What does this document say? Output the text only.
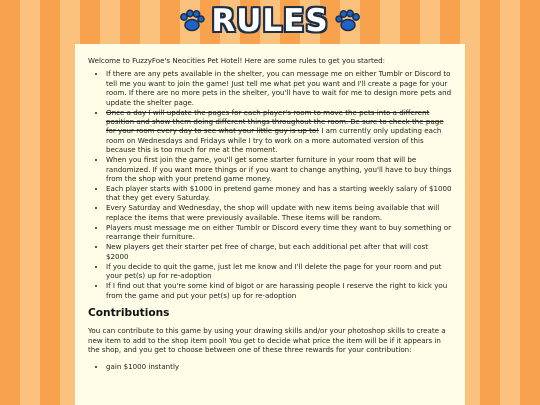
RULES

Welcome to FuzzyFoe's Neocities Pet Hotel! Here are some rules to get you started:

• If there are any pets available in the shelter, you can message me on either Tumblr or Discord to tell me you want to join the game! Just tell me what pet you want and I'll create a page for your room. If there are no more pets in the shelter, you'll have to wait for me to design more pets and update the shelter page.
• Once a day I will update the pages for each player's room to move the pets into a different position and show them doing different things throughout the room. Be sure to check the page for your room every day to see what your little guy is up to! I am currently only updating each room on Wednesdays and Fridays while I try to work on a more automated version of this because this is too much for me at the moment.
• When you first join the game, you'll get some starter furniture in your room that will be randomized. If you want more things or if you want to change anything, you'll have to buy things from the shop with your pretend game money.
• Each player starts with $1000 in pretend game money and has a starting weekly salary of $1000 that they get every Saturday.
• Every Saturday and Wednesday, the shop will update with new items being available that will replace the items that were previously available. These items will be random.
• Players must message me on either Tumblr or Discord every time they want to buy something or rearrange their furniture.
• New players get their starter pet free of charge, but each additional pet after that will cost $2000
• If you decide to quit the game, just let me know and I'll delete the page for your room and put your pet(s) up for re-adoption
• If I find out that you're some kind of bigot or are harassing people I reserve the right to kick you from the game and put your pet(s) up for re-adoption
Contributions

You can contribute to this game by using your drawing skills and/or your photoshop skills to create a new item to add to the shop item pool! You get to decide what price the item will be if it appears in the shop, and you get to choose between one of these three rewards for your contribution:

• gain $1000 instantly
